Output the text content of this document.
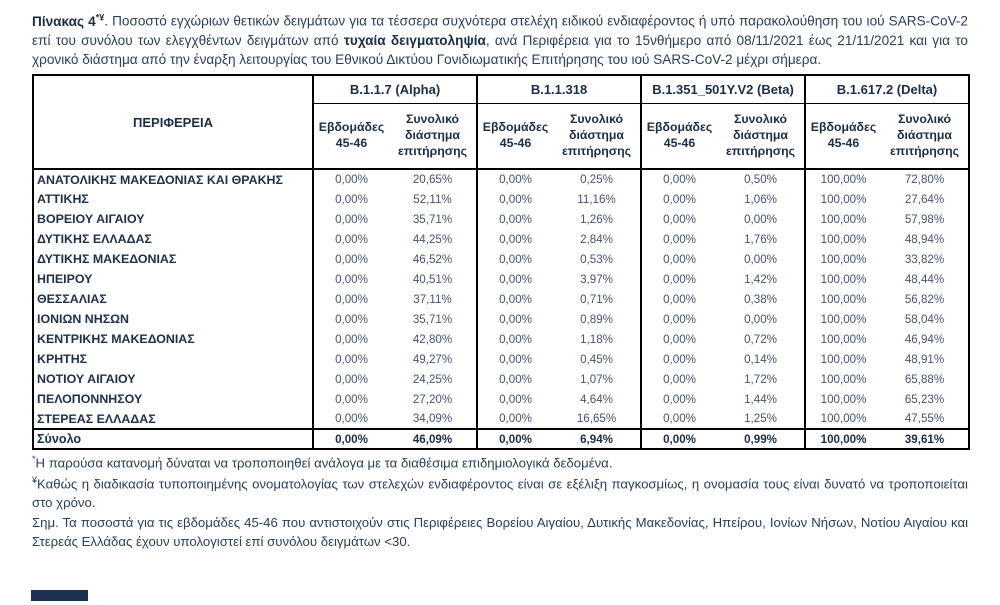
Πίνακας 4*¥. Ποσοστό εγχώριων θετικών δειγμάτων για τα τέσσερα συχνότερα στελέχη ειδικού ενδιαφέροντος ή υπό παρακολούθηση του ιού SARS-CoV-2 επί του συνόλου των ελεγχθέντων δειγμάτων από τυχαία δειγματοληψία, ανά Περιφέρεια για το 15νθήμερο από 08/11/2021 έως 21/11/2021 και για το χρονικό διάστημα από την έναρξη λειτουργίας του Εθνικού Δικτύου Γονιδιωματικής Επιτήρησης του ιού SARS-CoV-2 μέχρι σήμερα.

ΠΕΡΙΦΕΡΕΙΑ	B.1.1.7 (Alpha)		B.1.1.318		B.1.351_501Y.V2 (Beta)		B.1.617.2 (Delta)	
	Εβδομάδες 45-46	Συνολικό διάστημα επιτήρησης	Εβδομάδες 45-46	Συνολικό διάστημα επιτήρησης	Εβδομάδες 45-46	Συνολικό διάστημα επιτήρησης	Εβδομάδες 45-46	Συνολικό διάστημα επιτήρησης
ΑΝΑΤΟΛΙΚΗΣ ΜΑΚΕΔΟΝΙΑΣ ΚΑΙ ΘΡΑΚΗΣ	0,00%	20,65%	0,00%	0,25%	0,00%	0,50%	100,00%	72,80%
ΑΤΤΙΚΗΣ	0,00%	52,11%	0,00%	11,16%	0,00%	1,06%	100,00%	27,64%
ΒΟΡΕΙΟΥ ΑΙΓΑΙΟΥ	0,00%	35,71%	0,00%	1,26%	0,00%	0,00%	100,00%	57,98%
ΔΥΤΙΚΗΣ ΕΛΛΑΔΑΣ	0,00%	44,25%	0,00%	2,84%	0,00%	1,76%	100,00%	48,94%
ΔΥΤΙΚΗΣ ΜΑΚΕΔΟΝΙΑΣ	0,00%	46,52%	0,00%	0,53%	0,00%	0,00%	100,00%	33,82%
ΗΠΕΙΡΟΥ	0,00%	40,51%	0,00%	3,97%	0,00%	1,42%	100,00%	48,44%
ΘΕΣΣΑΛΙΑΣ	0,00%	37,11%	0,00%	0,71%	0,00%	0,38%	100,00%	56,82%
ΙΟΝΙΩΝ ΝΗΣΩΝ	0,00%	35,71%	0,00%	0,89%	0,00%	0,00%	100,00%	58,04%
ΚΕΝΤΡΙΚΗΣ ΜΑΚΕΔΟΝΙΑΣ	0,00%	42,80%	0,00%	1,18%	0,00%	0,72%	100,00%	46,94%
ΚΡΗΤΗΣ	0,00%	49,27%	0,00%	0,45%	0,00%	0,14%	100,00%	48,91%
ΝΟΤΙΟΥ ΑΙΓΑΙΟΥ	0,00%	24,25%	0,00%	1,07%	0,00%	1,72%	100,00%	65,88%
ΠΕΛΟΠΟΝΝΗΣΟΥ	0,00%	27,20%	0,00%	4,64%	0,00%	1,44%	100,00%	65,23%
ΣΤΕΡΕΑΣ ΕΛΛΑΔΑΣ	0,00%	34,09%	0,00%	16,65%	0,00%	1,25%	100,00%	47,55%
Σύνολο	0,00%	46,09%	0,00%	6,94%	0,00%	0,99%	100,00%	39,61%

*Η παρούσα κατανομή δύναται να τροποποιηθεί ανάλογα με τα διαθέσιμα επιδημιολογικά δεδομένα.

¥Καθώς η διαδικασία τυποποιημένης ονοματολογίας των στελεχών ενδιαφέροντος είναι σε εξέλιξη παγκοσμίως, η ονομασία τους είναι δυνατό να τροποποιείται στο χρόνο.

Σημ. Τα ποσοστά για τις εβδομάδες 45-46 που αντιστοιχούν στις Περιφέρειες Βορείου Αιγαίου, Δυτικής Μακεδονίας, Ηπείρου, Ιονίων Νήσων, Νοτίου Αιγαίου και Στερεάς Ελλάδας έχουν υπολογιστεί επί συνόλου δειγμάτων <30.
